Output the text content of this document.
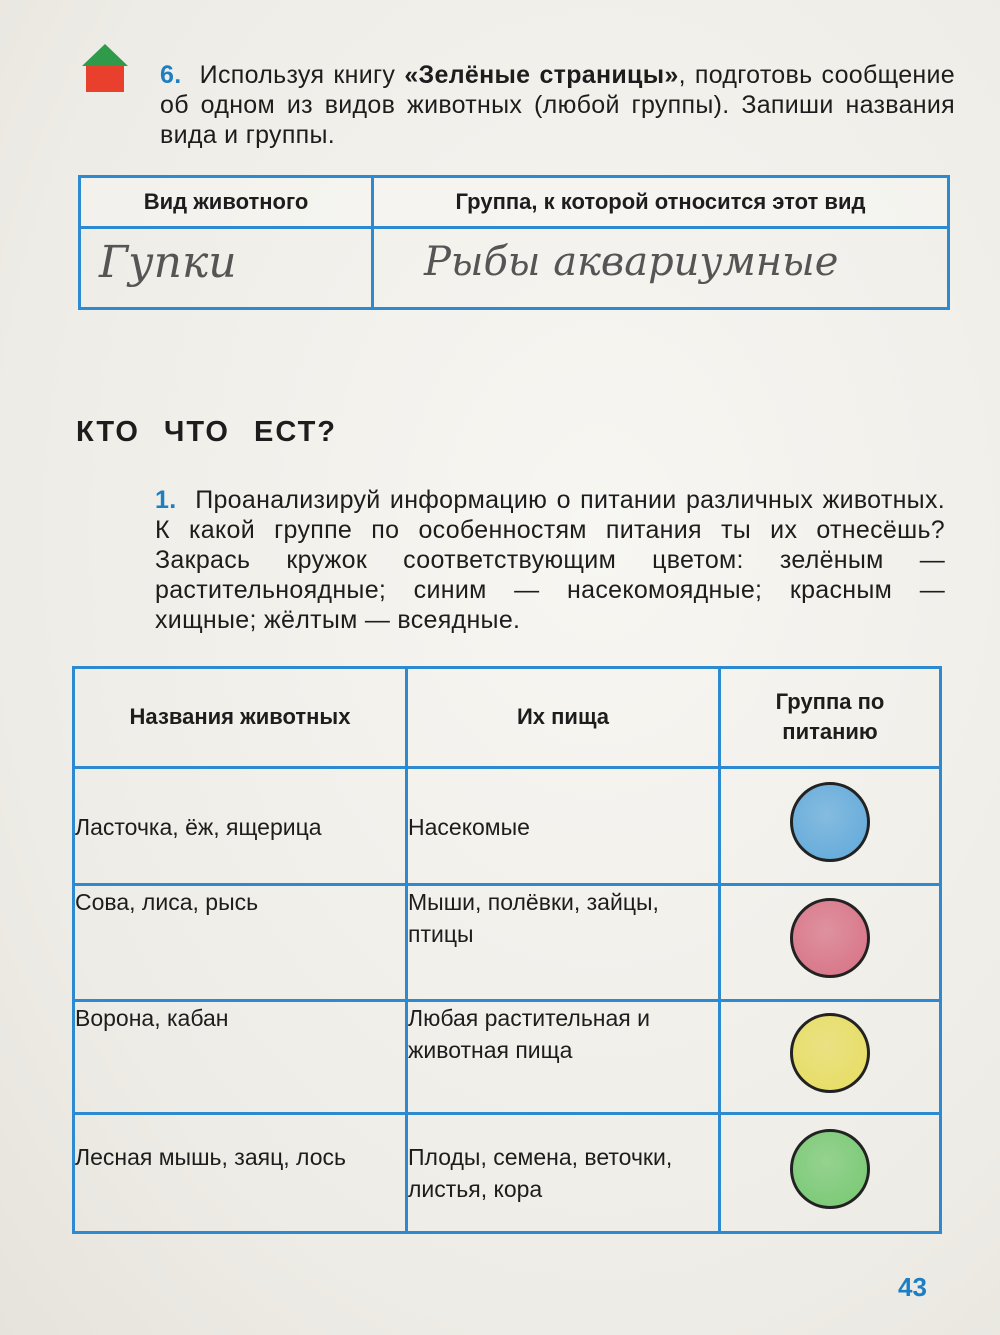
6. Используя книгу «Зелёные страницы», подготовь сообщение об одном из видов животных (любой группы). Запиши названия вида и группы.
Вид животного	Группа, к которой относится этот вид

Гупки	Рыбы аквариумные
КТО ЧТО ЕСТ?
1. Проанализируй информацию о питании различных животных. К какой группе по особенностям питания ты их отнесёшь? Закрась кружок соответствующим цветом: зелёным — растительноядные; синим — насекомоядные; красным — хищные; жёлтым — всеядные.
Названия животных	Их пища	Группа по питанию
Ласточка, ёж, ящерица	Насекомые	
Сова, лиса, рысь	Мыши, полёвки, зайцы, птицы	
Ворона, кабан	Любая растительная и животная пища	
Лесная мышь, заяц, лось	Плоды, семена, веточки, листья, кора	
43
